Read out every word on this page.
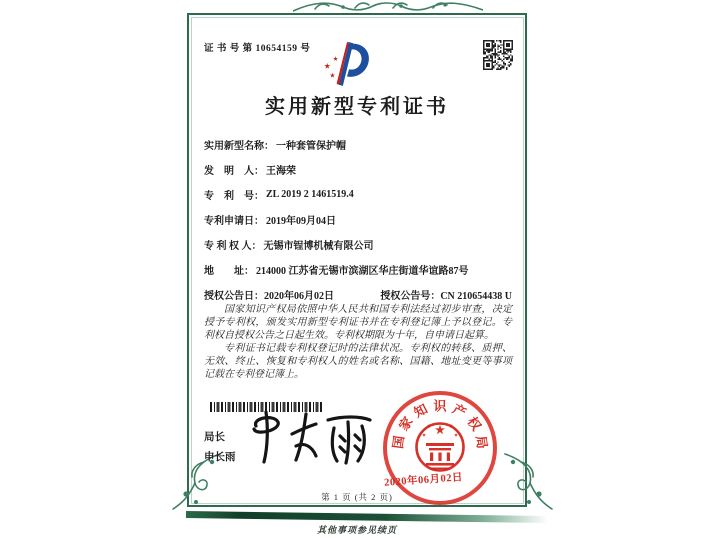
证 书 号 第 10654159 号
实用新型专利证书
实用新型名称： 一种套管保护帽
发　明　人： 王海荣
专　利　号： ZL 2019 2 1461519.4
专利申请日： 2019年09月04日
专 利 权 人： 无锡市锃博机械有限公司
地　　址： 214000 江苏省无锡市滨湖区华庄街道华谊路87号
授权公告日：2020年06月02日	授权公告号：CN 210654438 U

国家知识产权局依照中华人民共和国专利法经过初步审查，决定授予专利权，颁发实用新型专利证书并在专利登记簿上予以登记。专利权自授权公告之日起生效。专利权期限为十年，自申请日起算。

专利证书记载专利权登记时的法律状况。专利权的转移、质押、无效、终止、恢复和专利权人的姓名或名称、国籍、地址变更等事项记载在专利登记簿上。

局长
申长雨
国
家
知 识 产
权
局
2020年06月02日
第 1 页 (共 2 页)
其他事项参见续页
